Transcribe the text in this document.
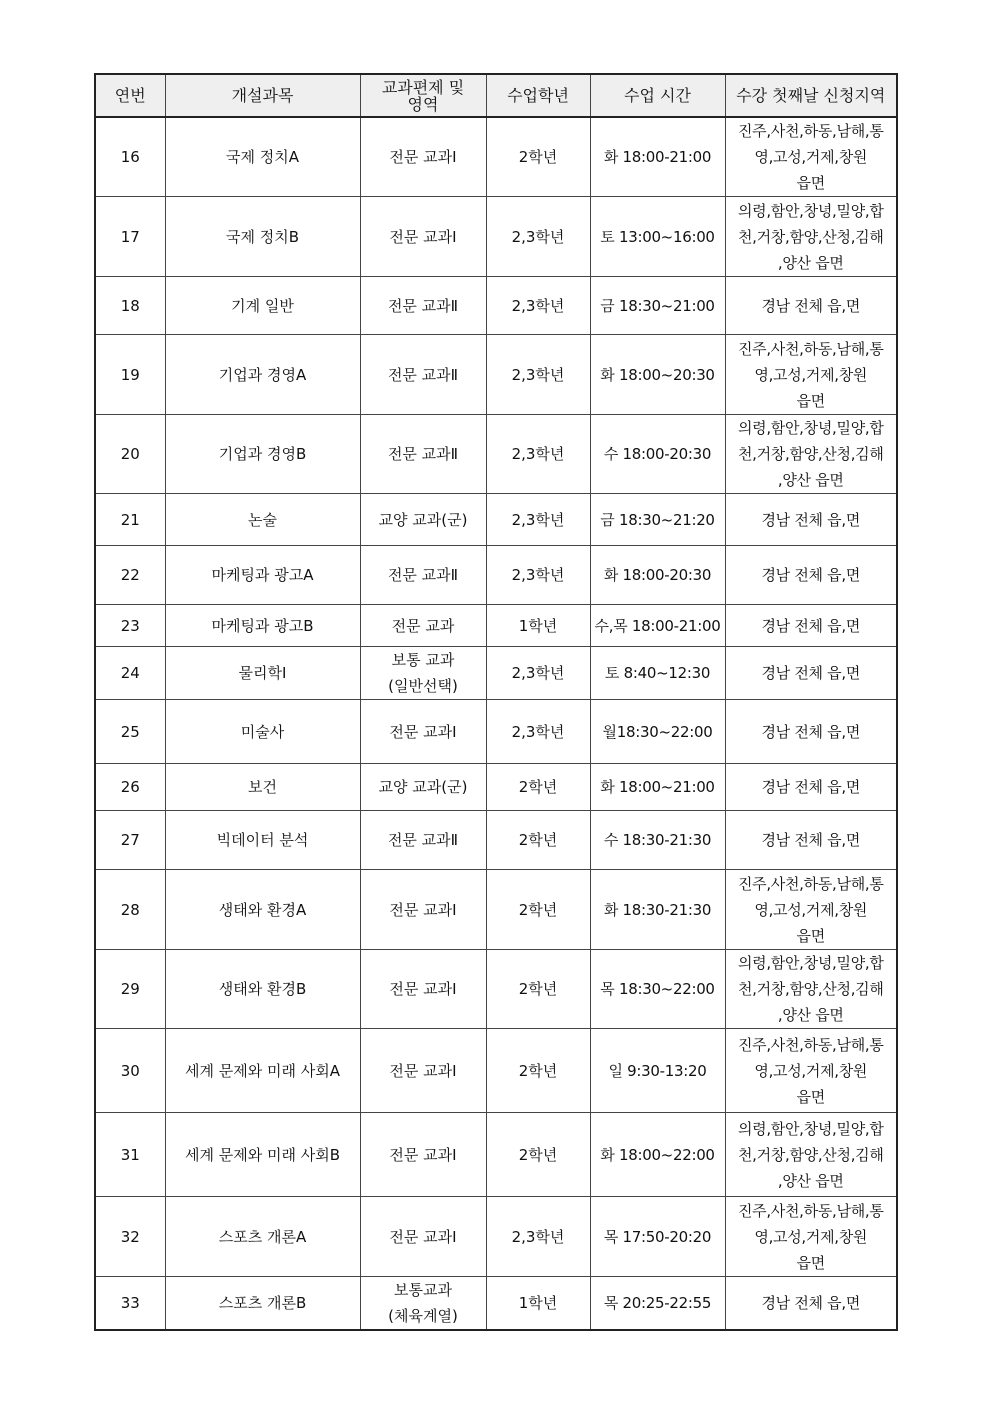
연번	개설과목	교과편제 및
영역	수업학년	수업 시간	수강 첫째날 신청지역
16	국제 정치A	전문 교과Ⅰ	2학년	화 18:00-21:00	진주,사천,하동,남해,통
영,고성,거제,창원
읍면

17	국제 정치B	전문 교과Ⅰ	2,3학년	토 13:00~16:00	의령,함안,창녕,밀양,합
천,거창,함양,산청,김해
,양산 읍면

18	기계 일반	전문 교과Ⅱ	2,3학년	금 18:30~21:00	경남 전체 읍,면

19	기업과 경영A	전문 교과Ⅱ	2,3학년	화 18:00~20:30	진주,사천,하동,남해,통
영,고성,거제,창원
읍면

20	기업과 경영B	전문 교과Ⅱ	2,3학년	수 18:00-20:30	의령,함안,창녕,밀양,합
천,거창,함양,산청,김해
,양산 읍면

21	논술	교양 교과(군)	2,3학년	금 18:30~21:20	경남 전체 읍,면

22	마케팅과 광고A	전문 교과Ⅱ	2,3학년	화 18:00-20:30	경남 전체 읍,면

23	마케팅과 광고B	전문 교과	1학년	수,목 18:00-21:00	경남 전체 읍,면

24	물리학Ⅰ	보통 교과
(일반선택)	2,3학년	토 8:40~12:30	경남 전체 읍,면

25	미술사	전문 교과Ⅰ	2,3학년	월18:30~22:00	경남 전체 읍,면

26	보건	교양 교과(군)	2학년	화 18:00~21:00	경남 전체 읍,면

27	빅데이터 분석	전문 교과Ⅱ	2학년	수 18:30-21:30	경남 전체 읍,면

28	생태와 환경A	전문 교과Ⅰ	2학년	화 18:30-21:30	진주,사천,하동,남해,통
영,고성,거제,창원
읍면

29	생태와 환경B	전문 교과Ⅰ	2학년	목 18:30~22:00	의령,함안,창녕,밀양,합
천,거창,함양,산청,김해
,양산 읍면

30	세계 문제와 미래 사회A	전문 교과Ⅰ	2학년	일 9:30-13:20	진주,사천,하동,남해,통
영,고성,거제,창원
읍면

31	세계 문제와 미래 사회B	전문 교과Ⅰ	2학년	화 18:00~22:00	의령,함안,창녕,밀양,합
천,거창,함양,산청,김해
,양산 읍면

32	스포츠 개론A	전문 교과Ⅰ	2,3학년	목 17:50-20:20	진주,사천,하동,남해,통
영,고성,거제,창원
읍면

33	스포츠 개론B	보통교과
(체육계열)	1학년	목 20:25-22:55	경남 전체 읍,면
